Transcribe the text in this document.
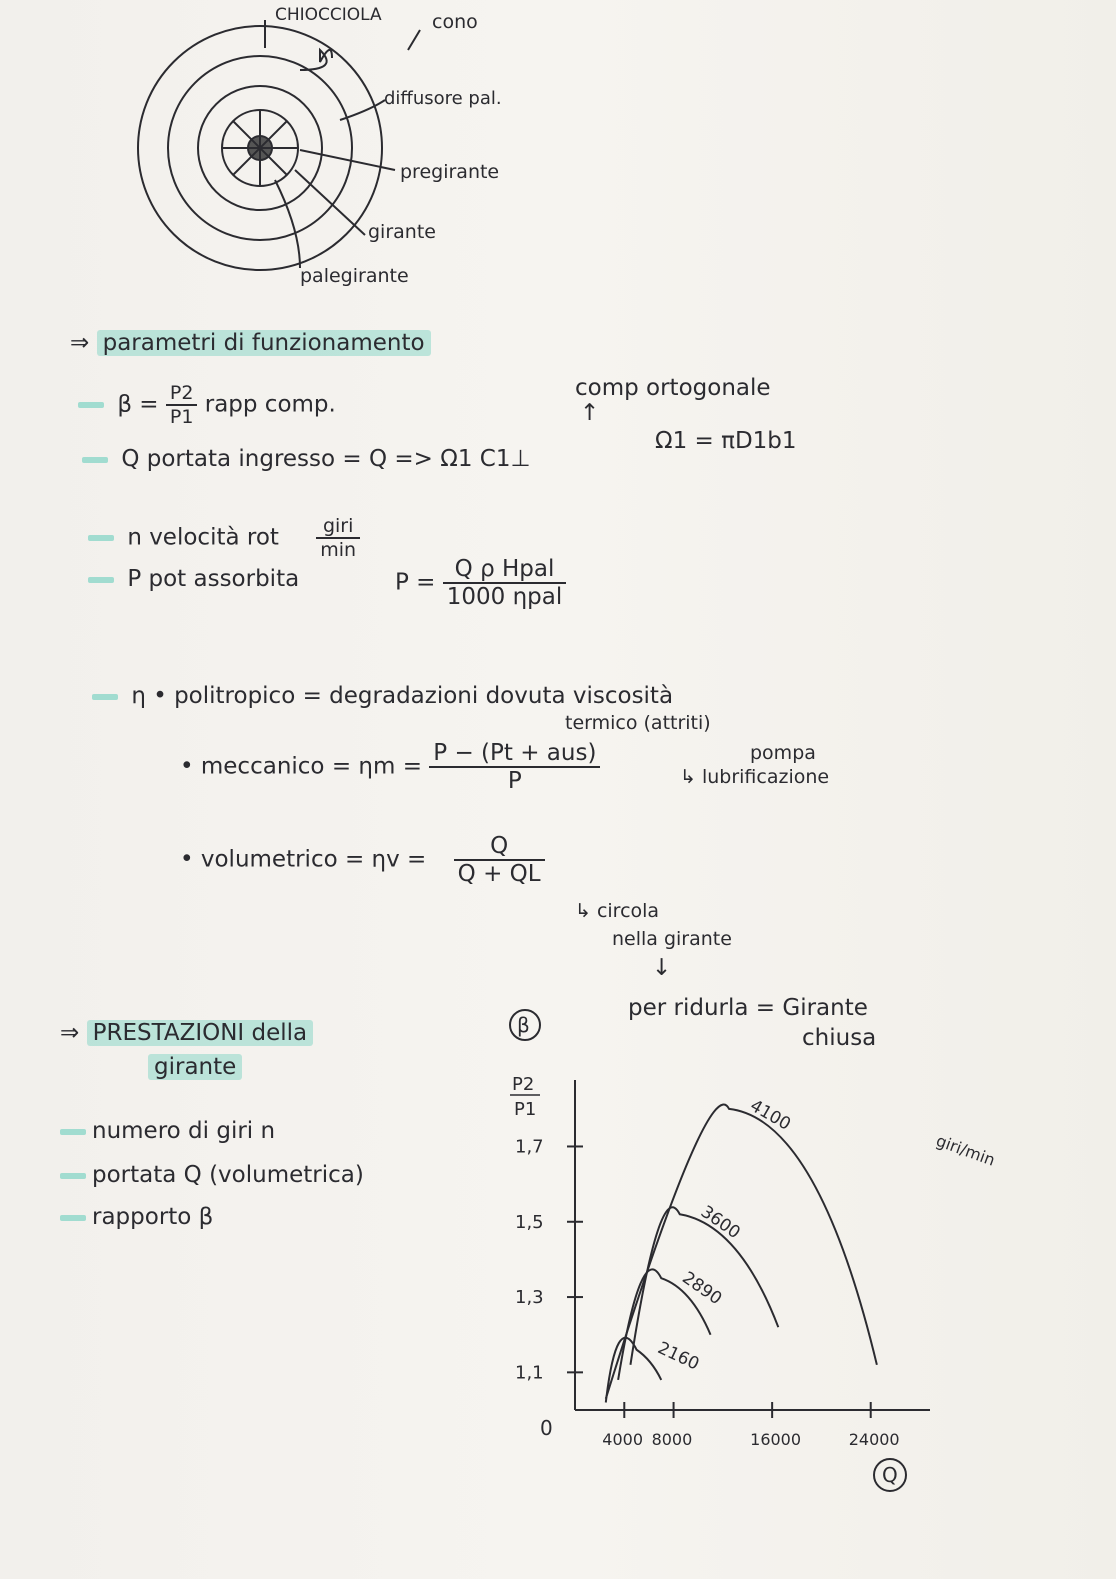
CHIOCCIOLA	cono
diffusore pal.
pregirante
girante
palegirante
⇒ parametri di funzionamento
$\beta = \frac{P2}{P1}$ rapp comp.
comp ortogonale
↑
Q portata ingresso = Q => Ω1 C1⊥
Ω1 = πD1b1
n velocità rot $\frac{\text{giri}}{\min}$
P pot assorbita	$P = \frac{\text{Q ρ Hpal}}{\text{1000 ηpal}}$
η • politropico = degradazioni dovuta viscosità
termico (attriti)
• meccanico = $\eta m = \frac{\text{P − (Pt + aus)}}{P}$	pompa
↳ lubrificazione
• volumetrico = $\eta v = \frac{Q}{Q + QL}$
↳ circola
nella girante
↓
per ridurla = Girante
chiusa
⇒ PRESTAZIONI della
girante
numero di giri n
portata Q (volumetrica)
rapporto β
0
1,1
1,3
1,5
1,7
4000 8000	16000	24000
β
P2
P1
Q
giri/min
2160
2890
3600
4100
